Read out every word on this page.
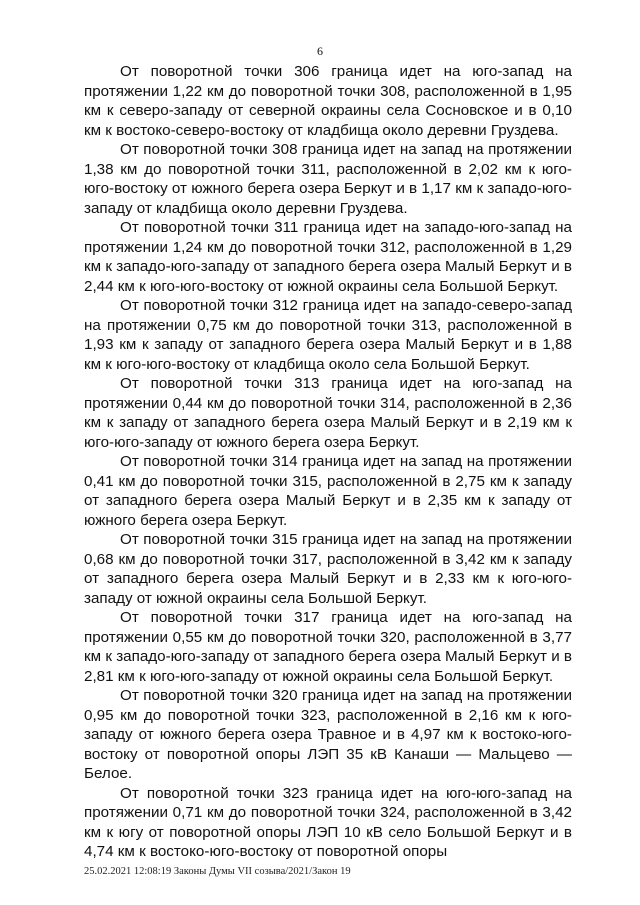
6

От поворотной точки 306 граница идет на юго-запад на протяжении 1,22 км до поворотной точки 308, расположенной в 1,95 км к северо-западу от северной окраины села Сосновское и в 0,10 км к востоко-северо-востоку от кладбища около деревни Груздева.

От поворотной точки 308 граница идет на запад на протяжении 1,38 км до поворотной точки 311, расположенной в 2,02 км к юго-юго-востоку от южного берега озера Беркут и в 1,17 км к западо-юго-западу от кладбища около деревни Груздева.

От поворотной точки 311 граница идет на западо-юго-запад на протяжении 1,24 км до поворотной точки 312, расположенной в 1,29 км к западо-юго-западу от западного берега озера Малый Беркут и в 2,44 км к юго-юго-востоку от южной окраины села Большой Беркут.

От поворотной точки 312 граница идет на западо-северо-запад на протяжении 0,75 км до поворотной точки 313, расположенной в 1,93 км к западу от западного берега озера Малый Беркут и в 1,88 км к юго-юго-востоку от кладбища около села Большой Беркут.

От поворотной точки 313 граница идет на юго-запад на протяжении 0,44 км до поворотной точки 314, расположенной в 2,36 км к западу от западного берега озера Малый Беркут и в 2,19 км к юго-юго-западу от южного берега озера Беркут.

От поворотной точки 314 граница идет на запад на протяжении 0,41 км до поворотной точки 315, расположенной в 2,75 км к западу от западного берега озера Малый Беркут и в 2,35 км к западу от южного берега озера Беркут.

От поворотной точки 315 граница идет на запад на протяжении 0,68 км до поворотной точки 317, расположенной в 3,42 км к западу от западного берега озера Малый Беркут и в 2,33 км к юго-юго-западу от южной окраины села Большой Беркут.

От поворотной точки 317 граница идет на юго-запад на протяжении 0,55 км до поворотной точки 320, расположенной в 3,77 км к западо-юго-западу от западного берега озера Малый Беркут и в 2,81 км к юго-юго-западу от южной окраины села Большой Беркут.

От поворотной точки 320 граница идет на запад на протяжении 0,95 км до поворотной точки 323, расположенной в 2,16 км к юго-западу от южного берега озера Травное и в 4,97 км к востоко-юго-востоку от поворотной опоры ЛЭП 35 кВ Канаши — Мальцево — Белое.

От поворотной точки 323 граница идет на юго-юго-запад на протяжении 0,71 км до поворотной точки 324, расположенной в 3,42 км к югу от поворотной опоры ЛЭП 10 кВ село Большой Беркут и в 4,74 км к востоко-юго-востоку от поворотной опоры

25.02.2021 12:08:19 Законы Думы VII созыва/2021/Закон 19
